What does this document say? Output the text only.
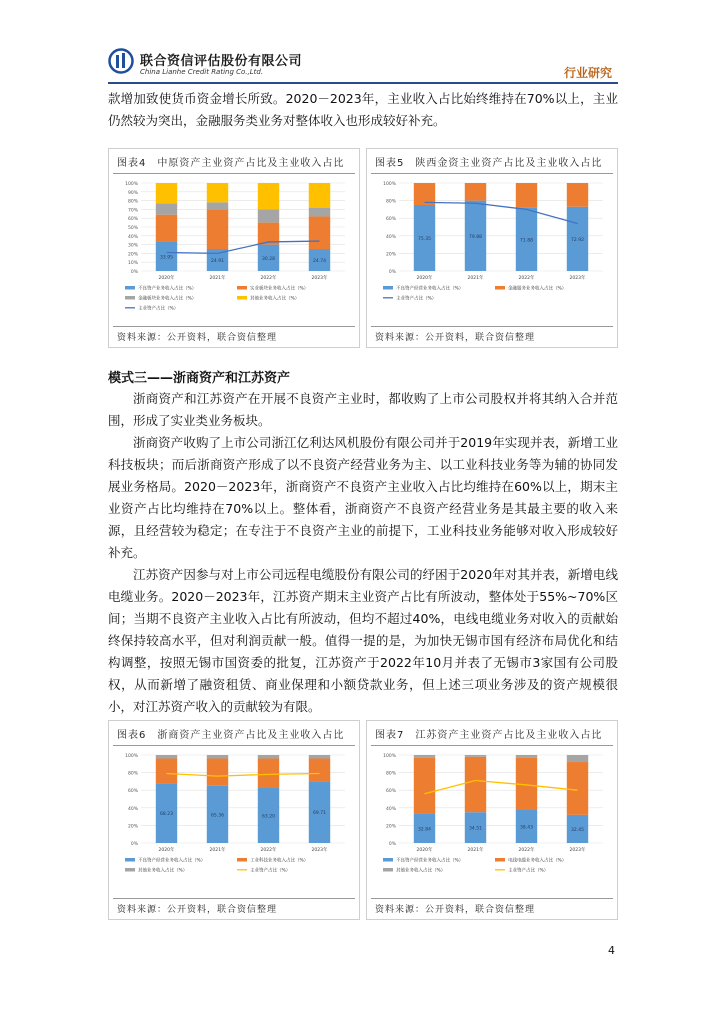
联合资信评估股份有限公司
China Lianhe Credit Rating Co.,Ltd.	行业研究

款增加致使货币资金增长所致。2020－2023年，主业收入占比始终维持在70%以上，主业仍然较为突出，金融服务类业务对整体收入也形成较好补充。

图表4　中原资产主业资产占比及主业收入占比
0%
10%
20%
30%
40%
50%
60%
70%
80%
90%
100%
33.95
24.91	30.28	24.74
2020年	2021年	2022年	2023年
不良资产业务收入占比（%）	实业板块业务收入占比（%）
金融板块业务收入占比（%）	其他业务收入占比（%）
主业资产占比（%）
资料来源：公开资料，联合资信整理
图表5　陕西金资主业资产占比及主业收入占比
0%
20%
40%
60%
80%
100%
75.35	79.88
71.88	72.92
2020年	2021年	2022年	2023年
不良资产经营业务收入占比（%）	金融服务业务收入占比（%）
主业资产占比（%）
资料来源：公开资料，联合资信整理
模式三——浙商资产和江苏资产

浙商资产和江苏资产在开展不良资产主业时，都收购了上市公司股权并将其纳入合并范围，形成了实业类业务板块。

浙商资产收购了上市公司浙江亿利达风机股份有限公司并于2019年实现并表，新增工业科技板块；而后浙商资产形成了以不良资产经营业务为主、以工业科技业务等为辅的协同发展业务格局。2020－2023年，浙商资产不良资产主业收入占比均维持在60%以上，期末主业资产占比均维持在70%以上。整体看，浙商资产不良资产经营业务是其最主要的收入来源，且经营较为稳定；在专注于不良资产主业的前提下，工业科技业务能够对收入形成较好补充。

江苏资产因参与对上市公司远程电缆股份有限公司的纾困于2020年对其并表，新增电线电缆业务。2020－2023年，江苏资产期末主业资产占比有所波动，整体处于55%~70%区间；当期不良资产主业收入占比有所波动，但均不超过40%，电线电缆业务对收入的贡献始终保持较高水平，但对利润贡献一般。值得一提的是，为加快无锡市国有经济布局优化和结构调整，按照无锡市国资委的批复，江苏资产于2022年10月并表了无锡市3家国有公司股权，从而新增了融资租赁、商业保理和小额贷款业务，但上述三项业务涉及的资产规模很小，对江苏资产收入的贡献较为有限。

图表6　浙商资产主业资产占比及主业收入占比
0%
20%
40%
60%
80%
100%
68.23	65.36	63.20
69.71
2020年	2021年	2022年	2023年
不良资产经营业务收入占比（%）	工业科技业务收入占比（%）
其他业务收入占比（%）	主业资产占比（%）
资料来源：公开资料，联合资信整理
图表7　江苏资产主业资产占比及主业收入占比
0%
20%
40%
60%
80%
100%
32.84	34.51	38.43
32.45
2020年	2021年	2022年	2023年
不良资产经营业务收入占比（%）	电线电缆业务收入占比（%）
其他业务收入占比（%）	主业资产占比（%）
资料来源：公开资料，联合资信整理
4
